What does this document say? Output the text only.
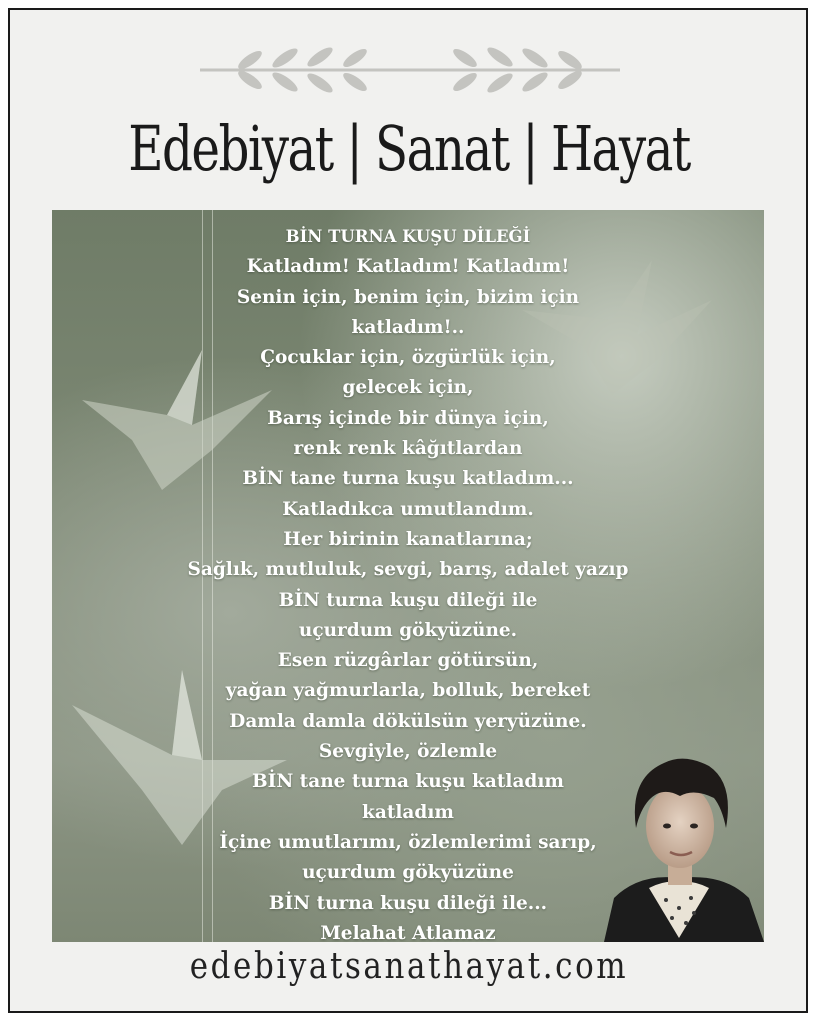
Edebiyat | Sanat | Hayat
BİN TURNA KUŞU DİLEĞİ
Katladım! Katladım! Katladım!
Senin için, benim için, bizim için
katladım!..
Çocuklar için, özgürlük için,
gelecek için,
Barış içinde bir dünya için,
renk renk kâğıtlardan
BİN tane turna kuşu katladım...
Katladıkca umutlandım.
Her birinin kanatlarına;
Sağlık, mutluluk, sevgi, barış, adalet yazıp
BİN turna kuşu dileği ile
uçurdum gökyüzüne.
Esen rüzgârlar götürsün,
yağan yağmurlarla, bolluk, bereket
Damla damla dökülsün yeryüzüne.
Sevgiyle, özlemle
BİN tane turna kuşu katladım
katladım
İçine umutlarımı, özlemlerimi sarıp,
uçurdum gökyüzüne
BİN turna kuşu dileği ile...
Melahat Atlamaz
edebiyatsanathayat.com
